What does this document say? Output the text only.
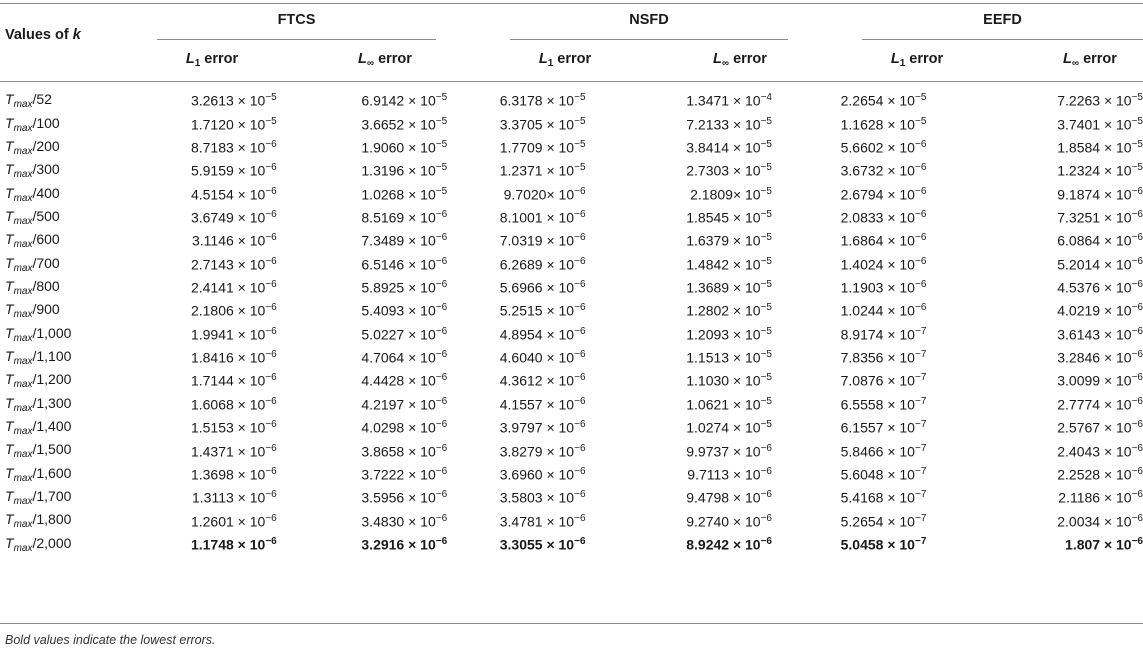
Values of k
FTCS	NSFD	EEFD
$L_1$ error	$L_\infty$ error	$L_1$ error	$L_\infty$ error	$L_1$ error	$L_\infty$ error
$T_{max}/52$	$3.2613 \times 10^{-5}$	$6.9142 \times 10^{-5}$	$6.3178 \times 10^{-5}$	$1.3471 \times 10^{-4}$	$2.2654 \times 10^{-5}$	$7.2263 \times 10^{-5}$
$T_{max}/100$	$1.7120 \times 10^{-5}$	$3.6652 \times 10^{-5}$	$3.3705 \times 10^{-5}$	$7.2133 \times 10^{-5}$	$1.1628 \times 10^{-5}$	$3.7401 \times 10^{-5}$
$T_{max}/200$	$8.7183 \times 10^{-6}$	$1.9060 \times 10^{-5}$	$1.7709 \times 10^{-5}$	$3.8414 \times 10^{-5}$	$5.6602 \times 10^{-6}$	$1.8584 \times 10^{-5}$
$T_{max}/300$	$5.9159 \times 10^{-6}$	$1.3196 \times 10^{-5}$	$1.2371 \times 10^{-5}$	$2.7303 \times 10^{-5}$	$3.6732 \times 10^{-6}$	$1.2324 \times 10^{-5}$
$T_{max}/400$	$4.5154 \times 10^{-6}$	$1.0268 \times 10^{-5}$	$9.7020\times 10^{-6}$	$2.1809\times 10^{-5}$	$2.6794 \times 10^{-6}$	$9.1874 \times 10^{-6}$
$T_{max}/500$	$3.6749 \times 10^{-6}$	$8.5169 \times 10^{-6}$	$8.1001 \times 10^{-6}$	$1.8545 \times 10^{-5}$	$2.0833 \times 10^{-6}$	$7.3251 \times 10^{-6}$
$T_{max}/600$	$3.1146 \times 10^{-6}$	$7.3489 \times 10^{-6}$	$7.0319 \times 10^{-6}$	$1.6379 \times 10^{-5}$	$1.6864 \times 10^{-6}$	$6.0864 \times 10^{-6}$
$T_{max}/700$	$2.7143 \times 10^{-6}$	$6.5146 \times 10^{-6}$	$6.2689 \times 10^{-6}$	$1.4842 \times 10^{-5}$	$1.4024 \times 10^{-6}$	$5.2014 \times 10^{-6}$
$T_{max}/800$	$2.4141 \times 10^{-6}$	$5.8925 \times 10^{-6}$	$5.6966 \times 10^{-6}$	$1.3689 \times 10^{-5}$	$1.1903 \times 10^{-6}$	$4.5376 \times 10^{-6}$
$T_{max}/900$	$2.1806 \times 10^{-6}$	$5.4093 \times 10^{-6}$	$5.2515 \times 10^{-6}$	$1.2802 \times 10^{-5}$	$1.0244 \times 10^{-6}$	$4.0219 \times 10^{-6}$
$T_{max}/1,000$	$1.9941 \times 10^{-6}$	$5.0227 \times 10^{-6}$	$4.8954 \times 10^{-6}$	$1.2093 \times 10^{-5}$	$8.9174 \times 10^{-7}$	$3.6143 \times 10^{-6}$
$T_{max}/1,100$	$1.8416 \times 10^{-6}$	$4.7064 \times 10^{-6}$	$4.6040 \times 10^{-6}$	$1.1513 \times 10^{-5}$	$7.8356 \times 10^{-7}$	$3.2846 \times 10^{-6}$
$T_{max}/1,200$	$1.7144 \times 10^{-6}$	$4.4428 \times 10^{-6}$	$4.3612 \times 10^{-6}$	$1.1030 \times 10^{-5}$	$7.0876 \times 10^{-7}$	$3.0099 \times 10^{-6}$
$T_{max}/1,300$	$1.6068 \times 10^{-6}$	$4.2197 \times 10^{-6}$	$4.1557 \times 10^{-6}$	$1.0621 \times 10^{-5}$	$6.5558 \times 10^{-7}$	$2.7774 \times 10^{-6}$
$T_{max}/1,400$	$1.5153 \times 10^{-6}$	$4.0298 \times 10^{-6}$	$3.9797 \times 10^{-6}$	$1.0274 \times 10^{-5}$	$6.1557 \times 10^{-7}$	$2.5767 \times 10^{-6}$
$T_{max}/1,500$	$1.4371 \times 10^{-6}$	$3.8658 \times 10^{-6}$	$3.8279 \times 10^{-6}$	$9.9737 \times 10^{-6}$	$5.8466 \times 10^{-7}$	$2.4043 \times 10^{-6}$
$T_{max}/1,600$	$1.3698 \times 10^{-6}$	$3.7222 \times 10^{-6}$	$3.6960 \times 10^{-6}$	$9.7113 \times 10^{-6}$	$5.6048 \times 10^{-7}$	$2.2528 \times 10^{-6}$
$T_{max}/1,700$	$1.3113 \times 10^{-6}$	$3.5956 \times 10^{-6}$	$3.5803 \times 10^{-6}$	$9.4798 \times 10^{-6}$	$5.4168 \times 10^{-7}$	$2.1186 \times 10^{-6}$
$T_{max}/1,800$	$1.2601 \times 10^{-6}$	$3.4830 \times 10^{-6}$	$3.4781 \times 10^{-6}$	$9.2740 \times 10^{-6}$	$5.2654 \times 10^{-7}$	$2.0034 \times 10^{-6}$
$T_{max}/2,000$	$1.1748 \times 10^{-6}$	$3.2916 \times 10^{-6}$	$3.3055 \times 10^{-6}$	$8.9242 \times 10^{-6}$	$5.0458 \times 10^{-7}$	$1.807 \times 10^{-6}$
Bold values indicate the lowest errors.
